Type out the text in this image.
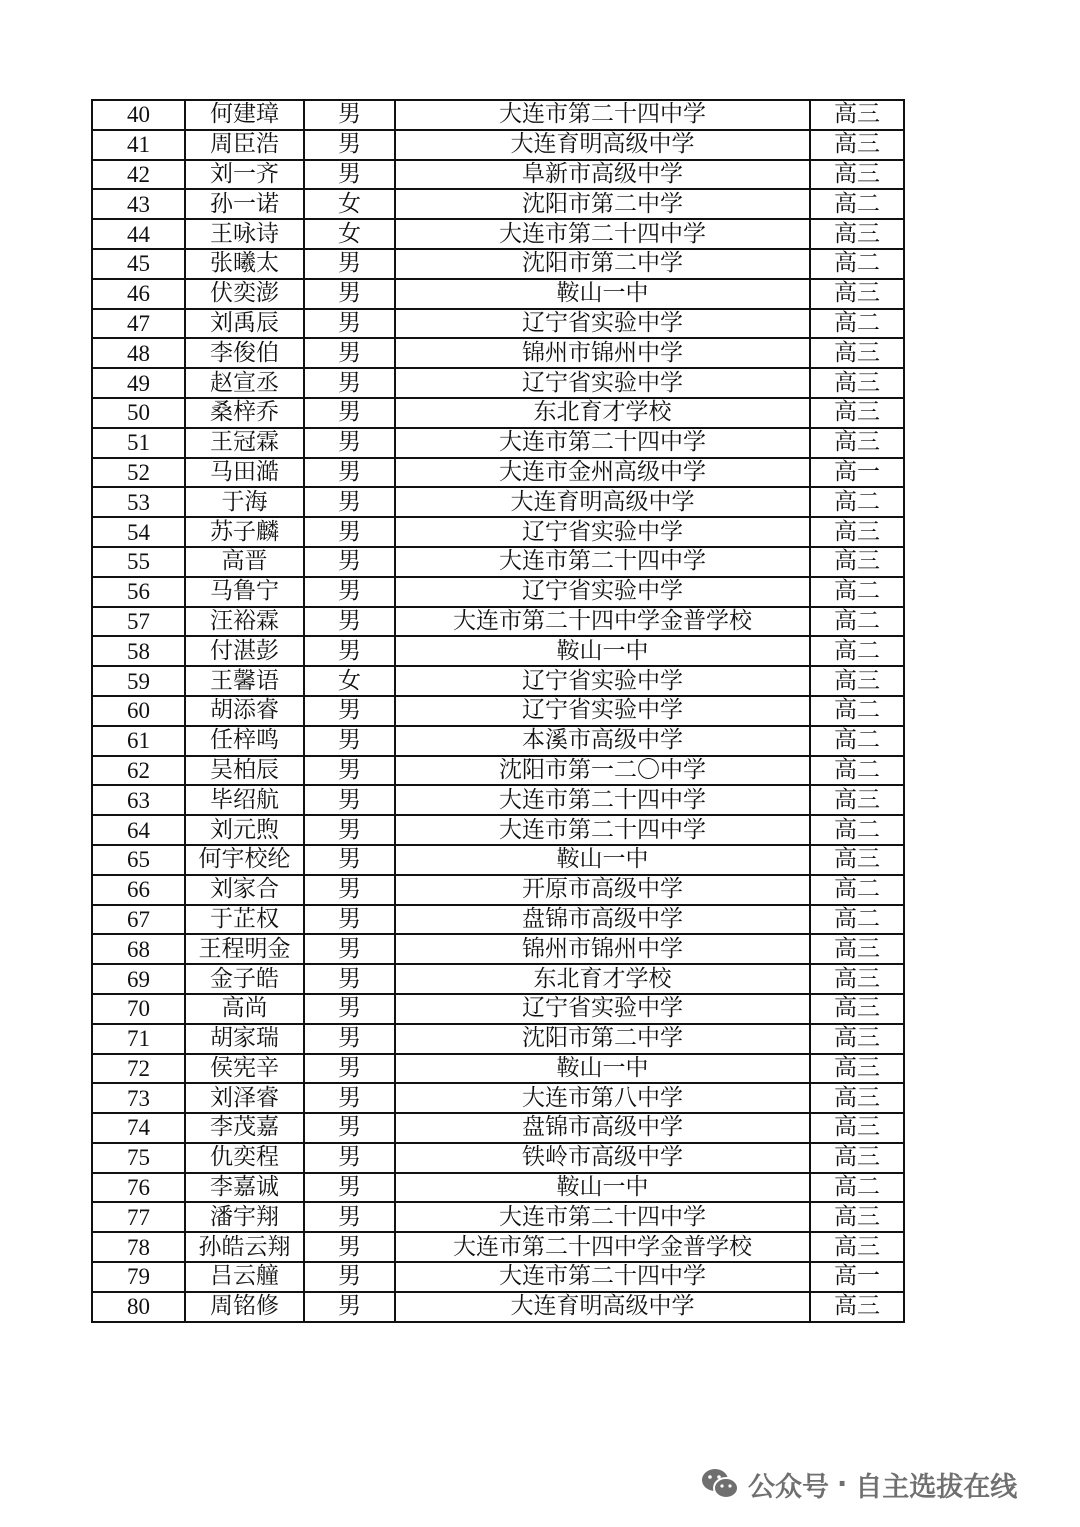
40	何建璋	男	大连市第二十四中学	高三
41	周臣浩	男	大连育明高级中学	高三
42	刘一齐	男	阜新市高级中学	高三
43	孙一诺	女	沈阳市第二中学	高二
44	王咏诗	女	大连市第二十四中学	高三
45	张曦太	男	沈阳市第二中学	高二
46	伏奕澎	男	鞍山一中	高三
47	刘禹辰	男	辽宁省实验中学	高二
48	李俊伯	男	锦州市锦州中学	高三
49	赵宣丞	男	辽宁省实验中学	高三
50	桑梓乔	男	东北育才学校	高三
51	王冠霖	男	大连市第二十四中学	高三
52	马田澔	男	大连市金州高级中学	高一
53	于海	男	大连育明高级中学	高二
54	苏子麟	男	辽宁省实验中学	高三
55	高晋	男	大连市第二十四中学	高三
56	马鲁宁	男	辽宁省实验中学	高二
57	汪裕霖	男	大连市第二十四中学金普学校	高二
58	付湛彭	男	鞍山一中	高二
59	王馨语	女	辽宁省实验中学	高三
60	胡添睿	男	辽宁省实验中学	高二
61	任梓鸣	男	本溪市高级中学	高二
62	吴柏辰	男	沈阳市第一二〇中学	高二
63	毕绍航	男	大连市第二十四中学	高三
64	刘元煦	男	大连市第二十四中学	高二
65	何宇校纶	男	鞍山一中	高三
66	刘家合	男	开原市高级中学	高二
67	于芷权	男	盘锦市高级中学	高二
68	王程明金	男	锦州市锦州中学	高三
69	金子皓	男	东北育才学校	高三
70	高尚	男	辽宁省实验中学	高三
71	胡家瑞	男	沈阳市第二中学	高三
72	侯宪辛	男	鞍山一中	高三
73	刘泽睿	男	大连市第八中学	高三
74	李茂嘉	男	盘锦市高级中学	高三
75	仇奕程	男	铁岭市高级中学	高三
76	李嘉诚	男	鞍山一中	高二
77	潘宇翔	男	大连市第二十四中学	高三
78	孙皓云翔	男	大连市第二十四中学金普学校	高三
79	吕云艟	男	大连市第二十四中学	高一
80	周铭修	男	大连育明高级中学	高三
公众号 · 自主选拔在线
